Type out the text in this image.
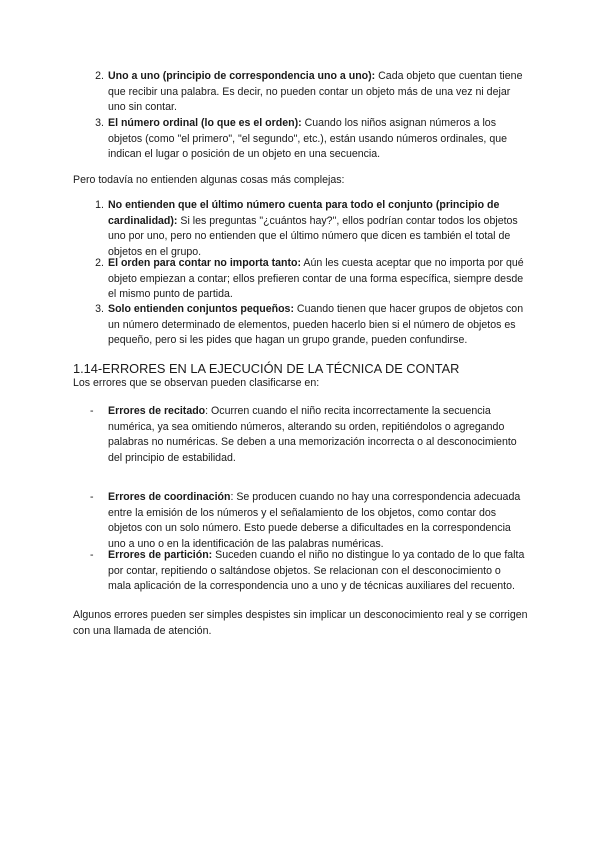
2. Uno a uno (principio de correspondencia uno a uno): Cada objeto que cuentan tiene que recibir una palabra. Es decir, no pueden contar un objeto más de una vez ni dejar uno sin contar.
3. El número ordinal (lo que es el orden): Cuando los niños asignan números a los objetos (como "el primero", "el segundo", etc.), están usando números ordinales, que indican el lugar o posición de un objeto en una secuencia.
Pero todavía no entienden algunas cosas más complejas:
1. No entienden que el último número cuenta para todo el conjunto (principio de cardinalidad): Si les preguntas "¿cuántos hay?", ellos podrían contar todos los objetos uno por uno, pero no entienden que el último número que dicen es también el total de objetos en el grupo.
2. El orden para contar no importa tanto: Aún les cuesta aceptar que no importa por qué objeto empiezan a contar; ellos prefieren contar de una forma específica, siempre desde el mismo punto de partida.
3. Solo entienden conjuntos pequeños: Cuando tienen que hacer grupos de objetos con un número determinado de elementos, pueden hacerlo bien si el número de objetos es pequeño, pero si les pides que hagan un grupo grande, pueden confundirse.
1.14-ERRORES EN LA EJECUCIÓN DE LA TÉCNICA DE CONTAR
Los errores que se observan pueden clasificarse en:
- Errores de recitado: Ocurren cuando el niño recita incorrectamente la secuencia numérica, ya sea omitiendo números, alterando su orden, repitiéndolos o agregando palabras no numéricas. Se deben a una memorización incorrecta o al desconocimiento del principio de estabilidad.
- Errores de coordinación: Se producen cuando no hay una correspondencia adecuada entre la emisión de los números y el señalamiento de los objetos, como contar dos objetos con un solo número. Esto puede deberse a dificultades en la correspondencia uno a uno o en la identificación de las palabras numéricas.
- Errores de partición: Suceden cuando el niño no distingue lo ya contado de lo que falta por contar, repitiendo o saltándose objetos. Se relacionan con el desconocimiento o mala aplicación de la correspondencia uno a uno y de técnicas auxiliares del recuento.
Algunos errores pueden ser simples despistes sin implicar un desconocimiento real y se corrigen con una llamada de atención.
